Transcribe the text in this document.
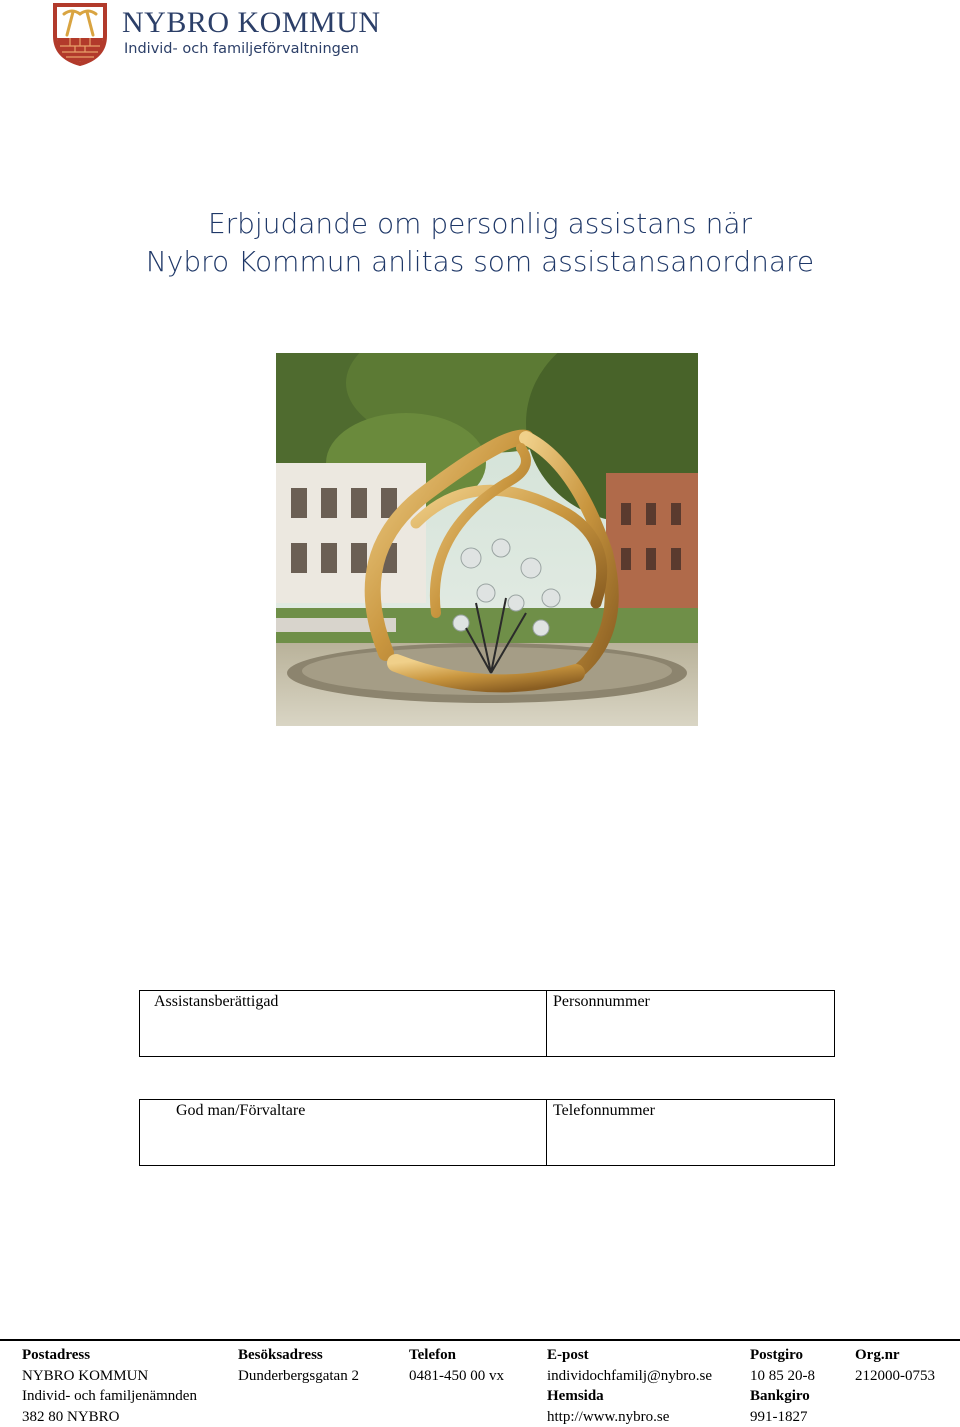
NYBRO KOMMUN
Individ- och familjeförvaltningen
Erbjudande om personlig assistans när
Nybro Kommun anlitas som assistansanordnare
Assistansberättigad	Personnummer
God man/Förvaltare	Telefonnummer
Postadress
NYBRO KOMMUN
Individ- och familjenämnden
382 80 NYBRO
Besöksadress
Dunderbergsgatan 2
Telefon
0481-450 00 vx
E-post
individochfamilj@nybro.se
Hemsida
http://www.nybro.se
Postgiro
10 85 20-8
Bankgiro
991-1827
Org.nr
212000-0753
